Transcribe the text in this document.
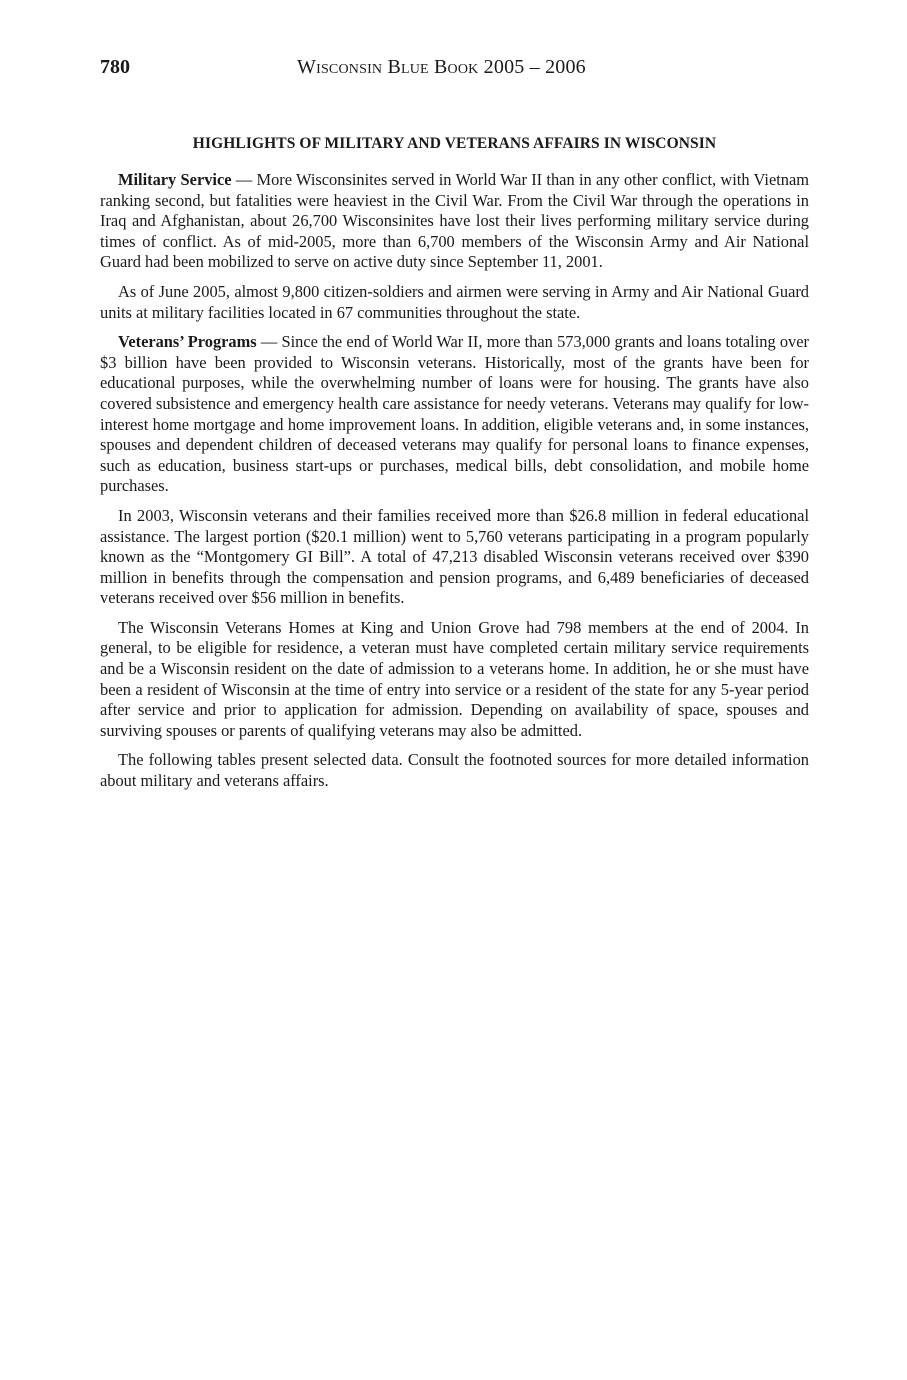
780	Wisconsin Blue Book 2005 – 2006
HIGHLIGHTS OF MILITARY AND VETERANS AFFAIRS IN WISCONSIN

Military Service — More Wisconsinites served in World War II than in any other conflict, with Vietnam ranking second, but fatalities were heaviest in the Civil War. From the Civil War through the operations in Iraq and Afghanistan, about 26,700 Wisconsinites have lost their lives performing military service during times of conflict. As of mid-2005, more than 6,700 members of the Wisconsin Army and Air National Guard had been mobilized to serve on active duty since September 11, 2001.

As of June 2005, almost 9,800 citizen-soldiers and airmen were serving in Army and Air National Guard units at military facilities located in 67 communities throughout the state.

Veterans’ Programs — Since the end of World War II, more than 573,000 grants and loans totaling over $3 billion have been provided to Wisconsin veterans. Historically, most of the grants have been for educational purposes, while the overwhelming number of loans were for housing. The grants have also covered subsistence and emergency health care assistance for needy veterans. Veterans may qualify for low-interest home mortgage and home improvement loans. In addition, eligible veterans and, in some instances, spouses and dependent children of deceased veterans may qualify for personal loans to finance expenses, such as education, business start-ups or purchases, medical bills, debt consolidation, and mobile home purchases.

In 2003, Wisconsin veterans and their families received more than $26.8 million in federal educational assistance. The largest portion ($20.1 million) went to 5,760 veterans participating in a program popularly known as the “Montgomery GI Bill”. A total of 47,213 disabled Wisconsin veterans received over $390 million in benefits through the compensation and pension programs, and 6,489 beneficiaries of deceased veterans received over $56 million in benefits.

The Wisconsin Veterans Homes at King and Union Grove had 798 members at the end of 2004. In general, to be eligible for residence, a veteran must have completed certain military service requirements and be a Wisconsin resident on the date of admission to a veterans home. In addition, he or she must have been a resident of Wisconsin at the time of entry into service or a resident of the state for any 5-year period after service and prior to application for admission. Depending on availability of space, spouses and surviving spouses or parents of qualifying veterans may also be admitted.

The following tables present selected data. Consult the footnoted sources for more detailed information about military and veterans affairs.
